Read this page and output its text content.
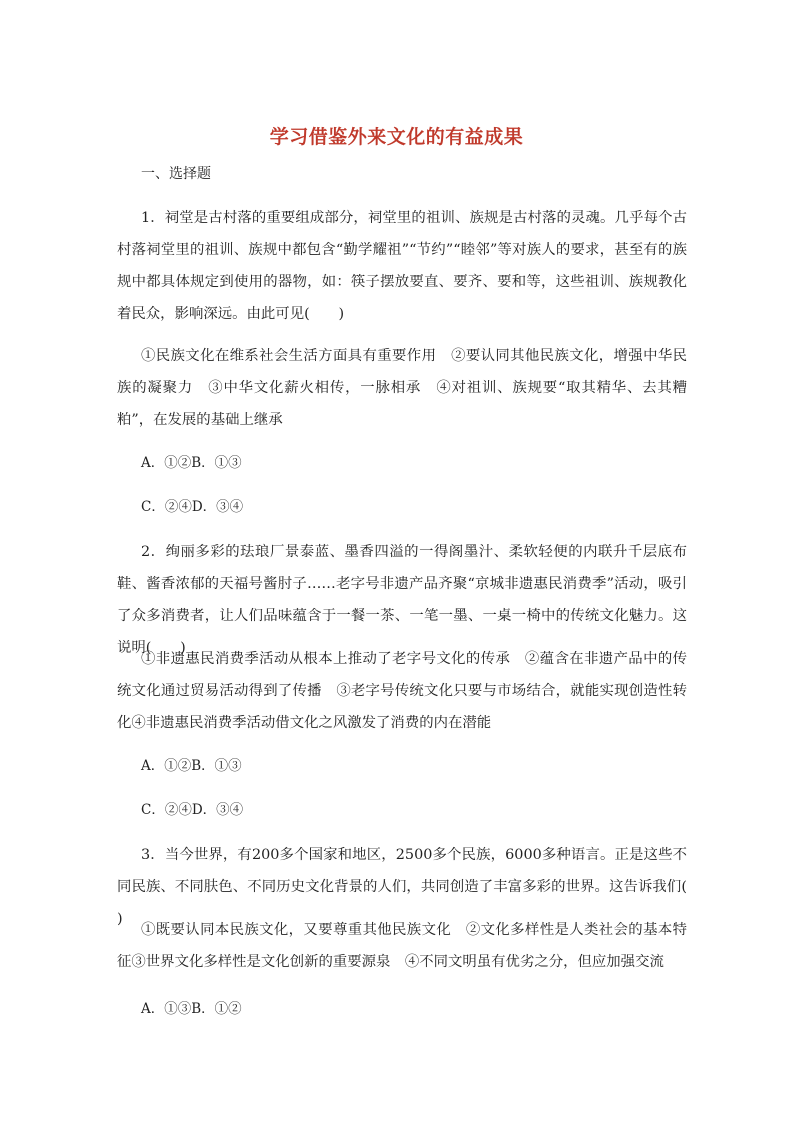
学习借鉴外来文化的有益成果
一、选择题

1．祠堂是古村落的重要组成部分，祠堂里的祖训、族规是古村落的灵魂。几乎每个古村落祠堂里的祖训、族规中都包含“勤学耀祖”“节约”“睦邻”等对族人的要求，甚至有的族规中都具体规定到使用的器物，如：筷子摆放要直、要齐、要和等，这些祖训、族规教化着民众，影响深远。由此可见(　　)

①民族文化在维系社会生活方面具有重要作用　②要认同其他民族文化，增强中华民族的凝聚力　③中华文化薪火相传，一脉相承　④对祖训、族规要“取其精华、去其糟粕”，在发展的基础上继承

A．①②B．①③

C．②④D．③④

2．绚丽多彩的珐琅厂景泰蓝、墨香四溢的一得阁墨汁、柔软轻便的内联升千层底布鞋、酱香浓郁的天福号酱肘子……老字号非遗产品齐聚“京城非遗惠民消费季”活动，吸引了众多消费者，让人们品味蕴含于一餐一茶、一笔一墨、一桌一椅中的传统文化魅力。这说明(　　)

①非遗惠民消费季活动从根本上推动了老字号文化的传承　②蕴含在非遗产品中的传统文化通过贸易活动得到了传播　③老字号传统文化只要与市场结合，就能实现创造性转化④非遗惠民消费季活动借文化之风激发了消费的内在潜能

A．①②B．①③

C．②④D．③④

3．当今世界，有200多个国家和地区，2500多个民族，6000多种语言。正是这些不同民族、不同肤色、不同历史文化背景的人们，共同创造了丰富多彩的世界。这告诉我们(　　)

①既要认同本民族文化，又要尊重其他民族文化　②文化多样性是人类社会的基本特征③世界文化多样性是文化创新的重要源泉　④不同文明虽有优劣之分，但应加强交流

A．①③B．①②
